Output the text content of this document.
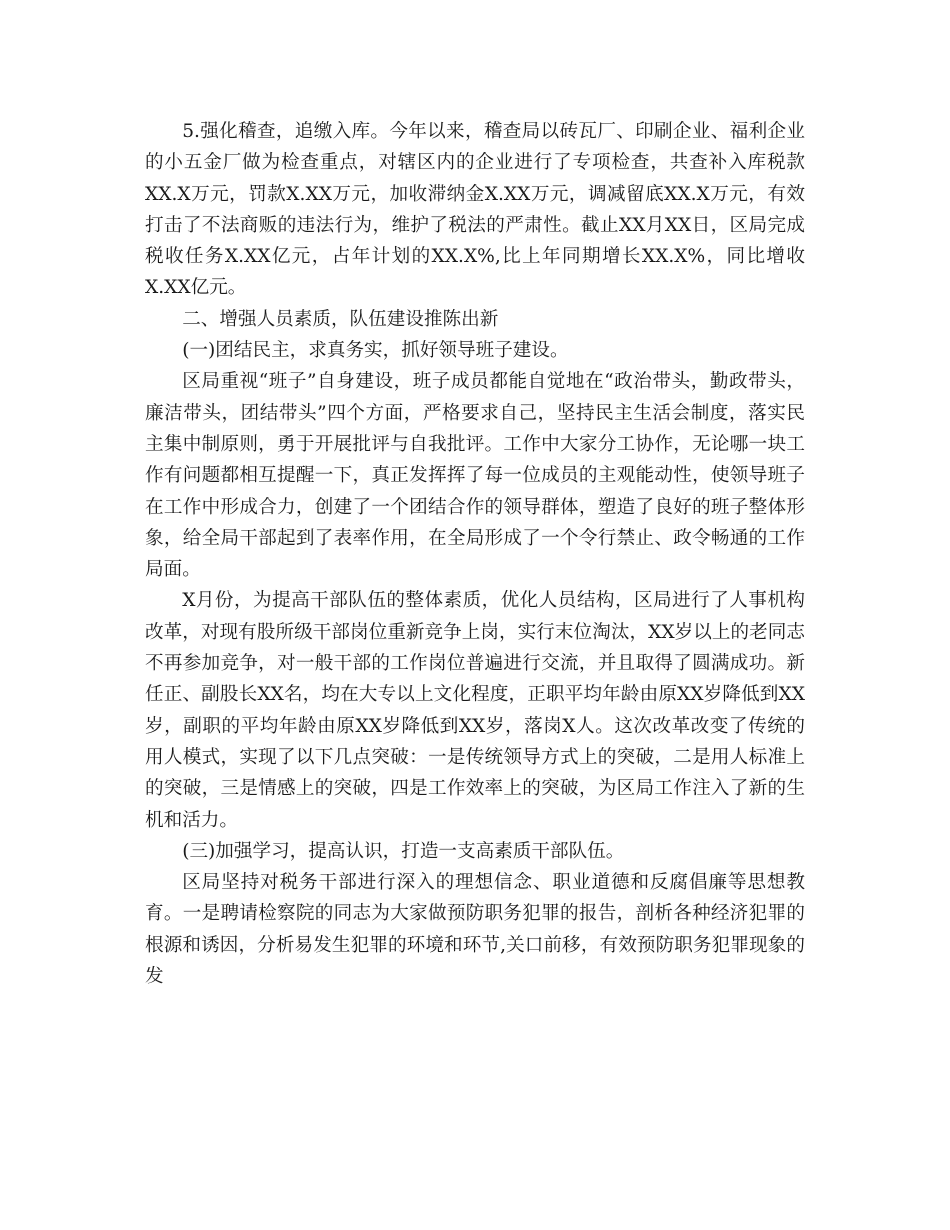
5.强化稽查，追缴入库。今年以来，稽查局以砖瓦厂、印刷企业、福利企业的小五金厂做为检查重点，对辖区内的企业进行了专项检查，共查补入库税款XX.X万元，罚款X.XX万元，加收滞纳金X.XX万元，调减留底XX.X万元，有效打击了不法商贩的违法行为，维护了税法的严肃性。截止XX月XX日，区局完成税收任务X.XX亿元，占年计划的XX.X%,比上年同期增长XX.X%，同比增收X.XX亿元。

二、增强人员素质，队伍建设推陈出新

(一)团结民主，求真务实，抓好领导班子建设。

区局重视“班子”自身建设，班子成员都能自觉地在“政治带头，勤政带头，廉洁带头，团结带头”四个方面，严格要求自己，坚持民主生活会制度，落实民主集中制原则，勇于开展批评与自我批评。工作中大家分工协作，无论哪一块工作有问题都相互提醒一下，真正发挥挥了每一位成员的主观能动性，使领导班子在工作中形成合力，创建了一个团结合作的领导群体，塑造了良好的班子整体形象，给全局干部起到了表率作用，在全局形成了一个令行禁止、政令畅通的工作局面。

X月份，为提高干部队伍的整体素质，优化人员结构，区局进行了人事机构改革，对现有股所级干部岗位重新竞争上岗，实行末位淘汰，XX岁以上的老同志不再参加竞争，对一般干部的工作岗位普遍进行交流，并且取得了圆满成功。新任正、副股长XX名，均在大专以上文化程度，正职平均年龄由原XX岁降低到XX岁，副职的平均年龄由原XX岁降低到XX岁，落岗X人。这次改革改变了传统的用人模式，实现了以下几点突破：一是传统领导方式上的突破，二是用人标准上的突破，三是情感上的突破，四是工作效率上的突破，为区局工作注入了新的生机和活力。

(三)加强学习，提高认识，打造一支高素质干部队伍。

区局坚持对税务干部进行深入的理想信念、职业道德和反腐倡廉等思想教育。一是聘请检察院的同志为大家做预防职务犯罪的报告，剖析各种经济犯罪的根源和诱因，分析易发生犯罪的环境和环节,关口前移，有效预防职务犯罪现象的发
